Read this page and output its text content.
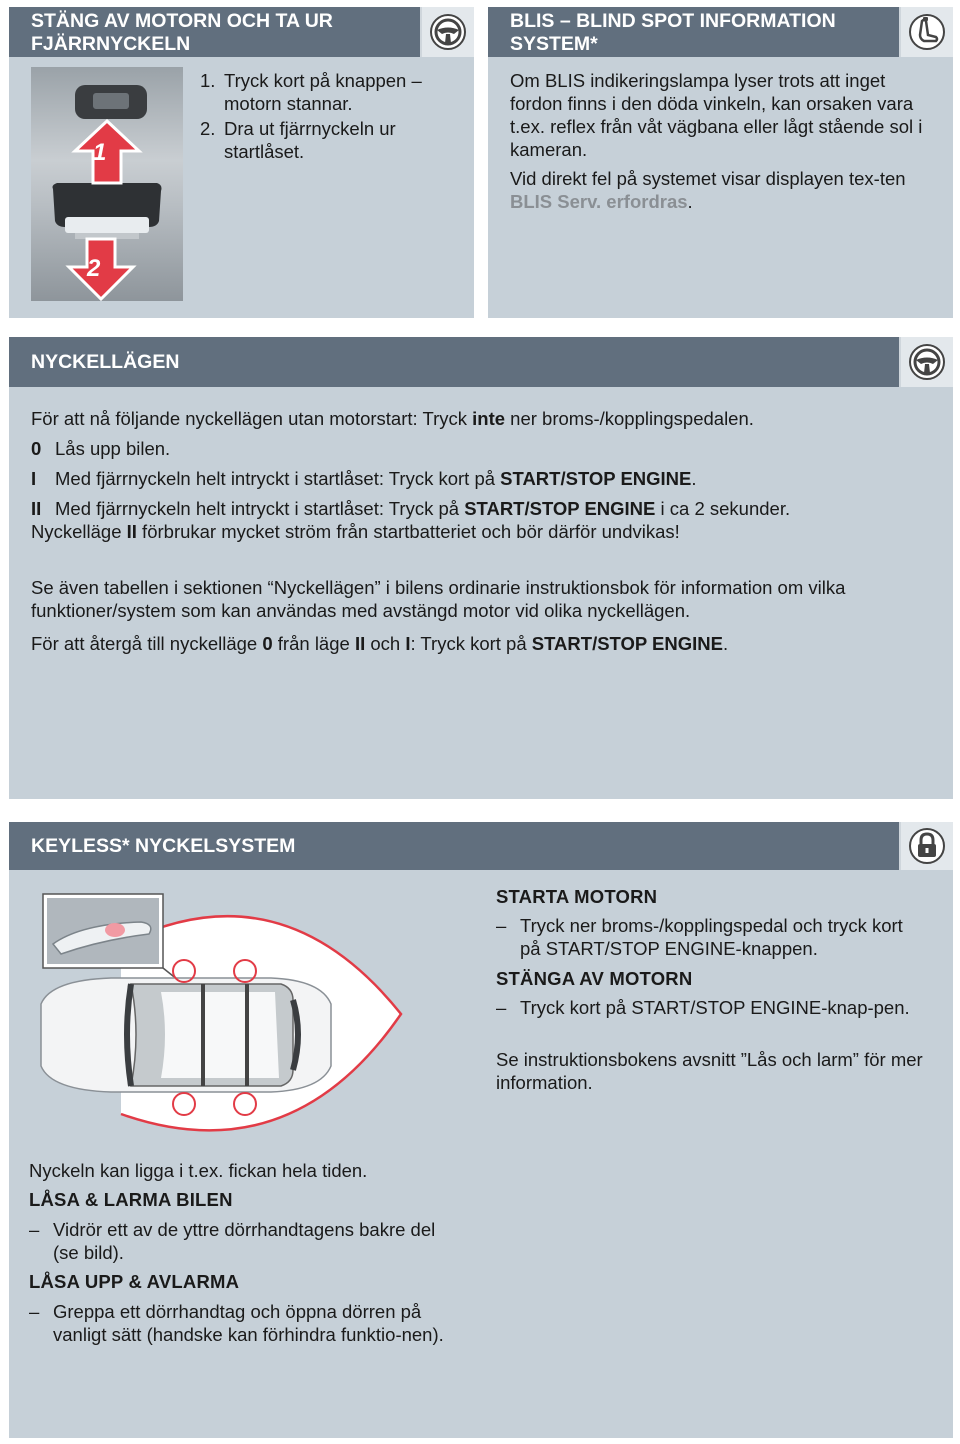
STÄNG AV MOTORN OCH TA UR FJÄRRNYCKELN
1
2
1. Tryck kort på knappen – motorn stannar.
2. Dra ut fjärrnyckeln ur startlåset.
BLIS – BLIND SPOT INFORMATION SYSTEM*

Om BLIS indikeringslampa lyser trots att inget fordon finns i den döda vinkeln, kan orsaken vara t.ex. reflex från våt vägbana eller lågt stående sol i kameran.

Vid direkt fel på systemet visar displayen tex-ten BLIS Serv. erfordras.

NYCKELLÄGEN

För att nå följande nyckellägen utan motorstart: Tryck inte ner broms-/kopplingspedalen.

0 Lås upp bilen.
I Med fjärrnyckeln helt intryckt i startlåset: Tryck kort på START/STOP ENGINE.
II Med fjärrnyckeln helt intryckt i startlåset: Tryck på START/STOP ENGINE i ca 2 sekunder.

Nyckelläge II förbrukar mycket ström från startbatteriet och bör därför undvikas!

Se även tabellen i sektionen “Nyckellägen” i bilens ordinarie instruktionsbok för information om vilka funktioner/system som kan användas med avstängd motor vid olika nyckellägen.

För att återgå till nyckelläge 0 från läge II och I: Tryck kort på START/STOP ENGINE.

KEYLESS* NYCKELSYSTEM
STARTA MOTORN
– Tryck ner broms-/kopplingspedal och tryck kort på START/STOP ENGINE-knappen.
STÄNGA AV MOTORN
– Tryck kort på START/STOP ENGINE-knap-pen.

Se instruktionsbokens avsnitt ”Lås och larm” för mer information.

Nyckeln kan ligga i t.ex. fickan hela tiden.

LÅSA & LARMA BILEN
– Vidrör ett av de yttre dörrhandtagens bakre del (se bild).
LÅSA UPP & AVLARMA
– Greppa ett dörrhandtag och öppna dörren på vanligt sätt (handske kan förhindra funktio-nen).
